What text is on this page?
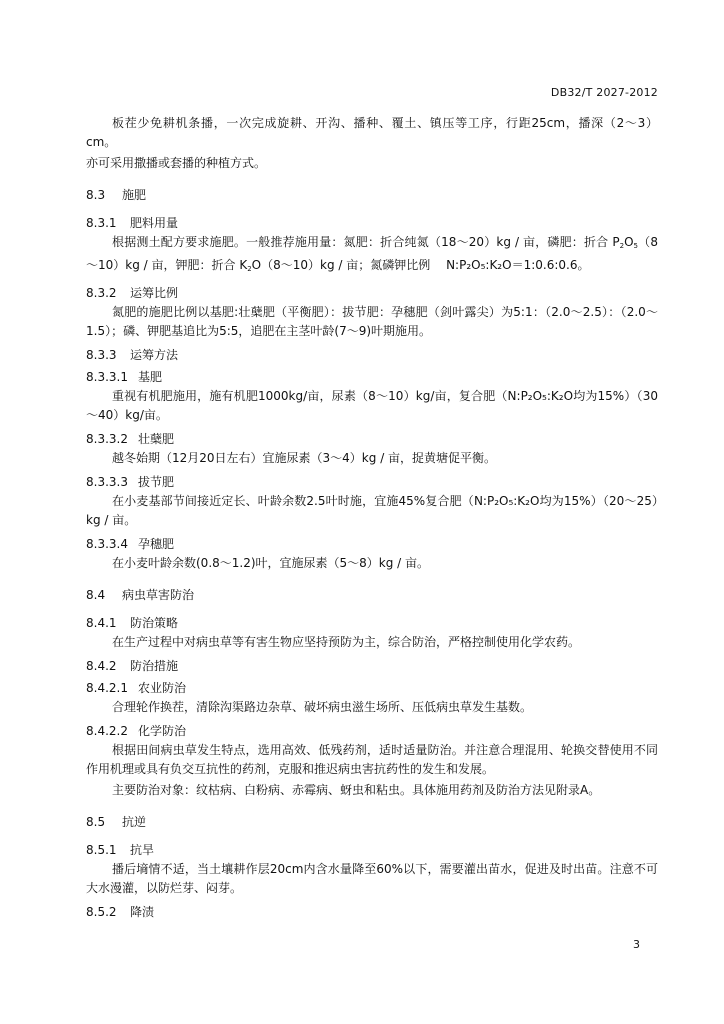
DB32/T 2027-2012

板茬少免耕机条播，一次完成旋耕、开沟、播种、覆土、镇压等工序，行距25cm，播深（2～3）cm。

亦可采用撒播或套播的种植方式。

8.3 施肥
8.3.1 肥料用量

根据测土配方要求施肥。一般推荐施用量：氮肥：折合纯氮（18～20）kg / 亩，磷肥：折合 $P_2O_5(8\sim 10)kg$ / 亩，钾肥：折合 $K_2O(8\sim 10)kg$ / 亩；氮磷钾比例　 N:P₂O₅:K₂O＝1:0.6:0.6。

8.3.2 运筹比例

氮肥的施肥比例以基肥:壮蘖肥（平衡肥）：拔节肥：孕穗肥（剑叶露尖）为5:1：（2.0～2.5）：（2.0～1.5）；磷、钾肥基追比为5:5，追肥在主茎叶龄(7～9)叶期施用。

8.3.3 运筹方法
8.3.3.1 基肥

重视有机肥施用，施有机肥1000kg/亩，尿素（8～10）kg/亩，复合肥（N:P₂O₅:K₂O均为15%）（30～40）kg/亩。

8.3.3.2 壮蘖肥

越冬始期（12月20日左右）宜施尿素（3～4）kg / 亩，捉黄塘促平衡。

8.3.3.3 拔节肥

在小麦基部节间接近定长、叶龄余数2.5叶时施，宜施45%复合肥（N:P₂O₅:K₂O均为15%）（20～25）kg / 亩。

8.3.3.4 孕穗肥

在小麦叶龄余数(0.8～1.2)叶，宜施尿素（5～8）kg / 亩。

8.4 病虫草害防治
8.4.1 防治策略

在生产过程中对病虫草等有害生物应坚持预防为主，综合防治，严格控制使用化学农药。

8.4.2 防治措施
8.4.2.1 农业防治

合理轮作换茬，清除沟渠路边杂草、破坏病虫滋生场所、压低病虫草发生基数。

8.4.2.2 化学防治

根据田间病虫草发生特点，选用高效、低残药剂，适时适量防治。并注意合理混用、轮换交替使用不同作用机理或具有负交互抗性的药剂，克服和推迟病虫害抗药性的发生和发展。

主要防治对象：纹枯病、白粉病、赤霉病、蚜虫和粘虫。具体施用药剂及防治方法见附录A。

8.5 抗逆
8.5.1 抗旱

播后墒情不适，当土壤耕作层20cm内含水量降至60%以下，需要灌出苗水，促进及时出苗。注意不可大水漫灌，以防烂芽、闷芽。

8.5.2 降渍
3
